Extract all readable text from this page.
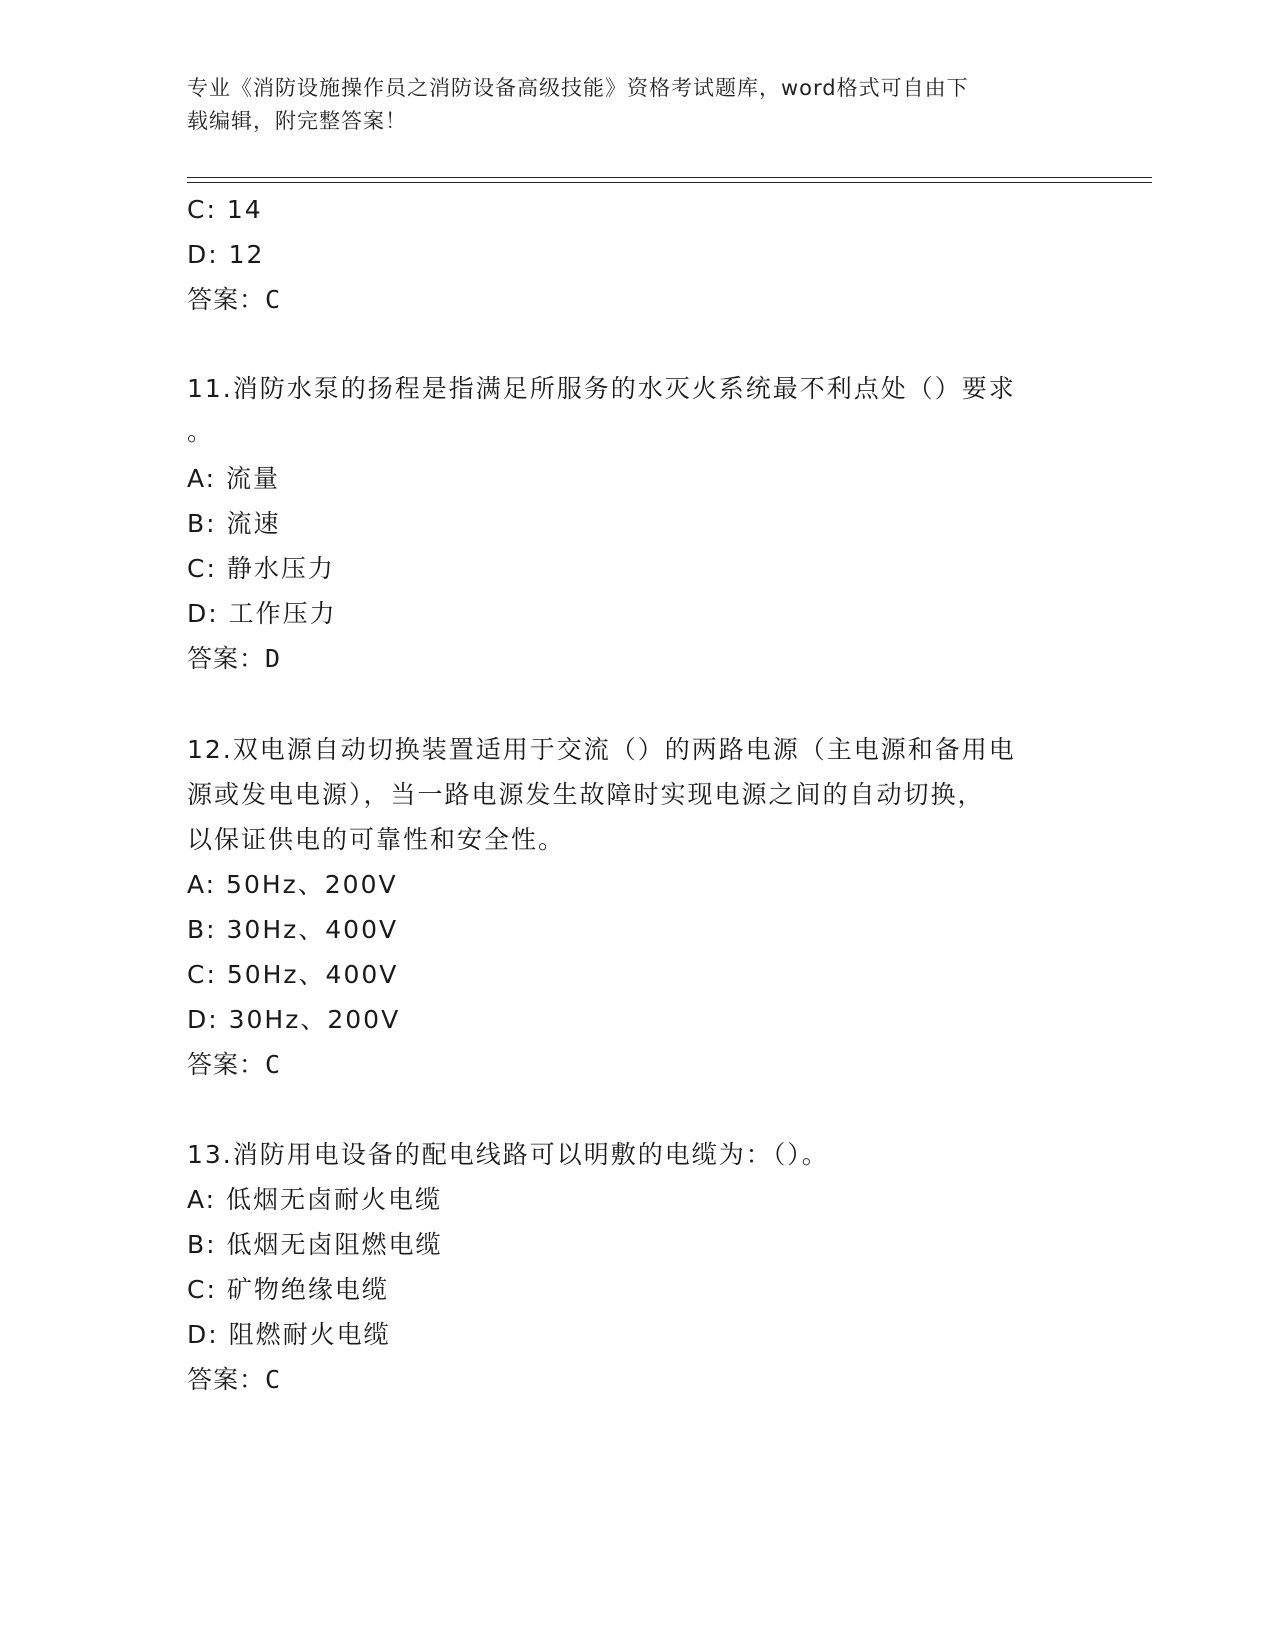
专业《消防设施操作员之消防设备高级技能》资格考试题库，word格式可自由下
载编辑，附完整答案！
C: 14
D: 12
答案：C
11.消防水泵的扬程是指满足所服务的水灭火系统最不利点处（）要求
。
A: 流量
B: 流速
C: 静水压力
D: 工作压力
答案：D
12.双电源自动切换装置适用于交流（）的两路电源（主电源和备用电
源或发电电源），当一路电源发生故障时实现电源之间的自动切换，
以保证供电的可靠性和安全性。
A: 50Hz、200V
B: 30Hz、400V
C: 50Hz、400V
D: 30Hz、200V
答案：C
13.消防用电设备的配电线路可以明敷的电缆为：（）。
A: 低烟无卤耐火电缆
B: 低烟无卤阻燃电缆
C: 矿物绝缘电缆
D: 阻燃耐火电缆
答案：C
